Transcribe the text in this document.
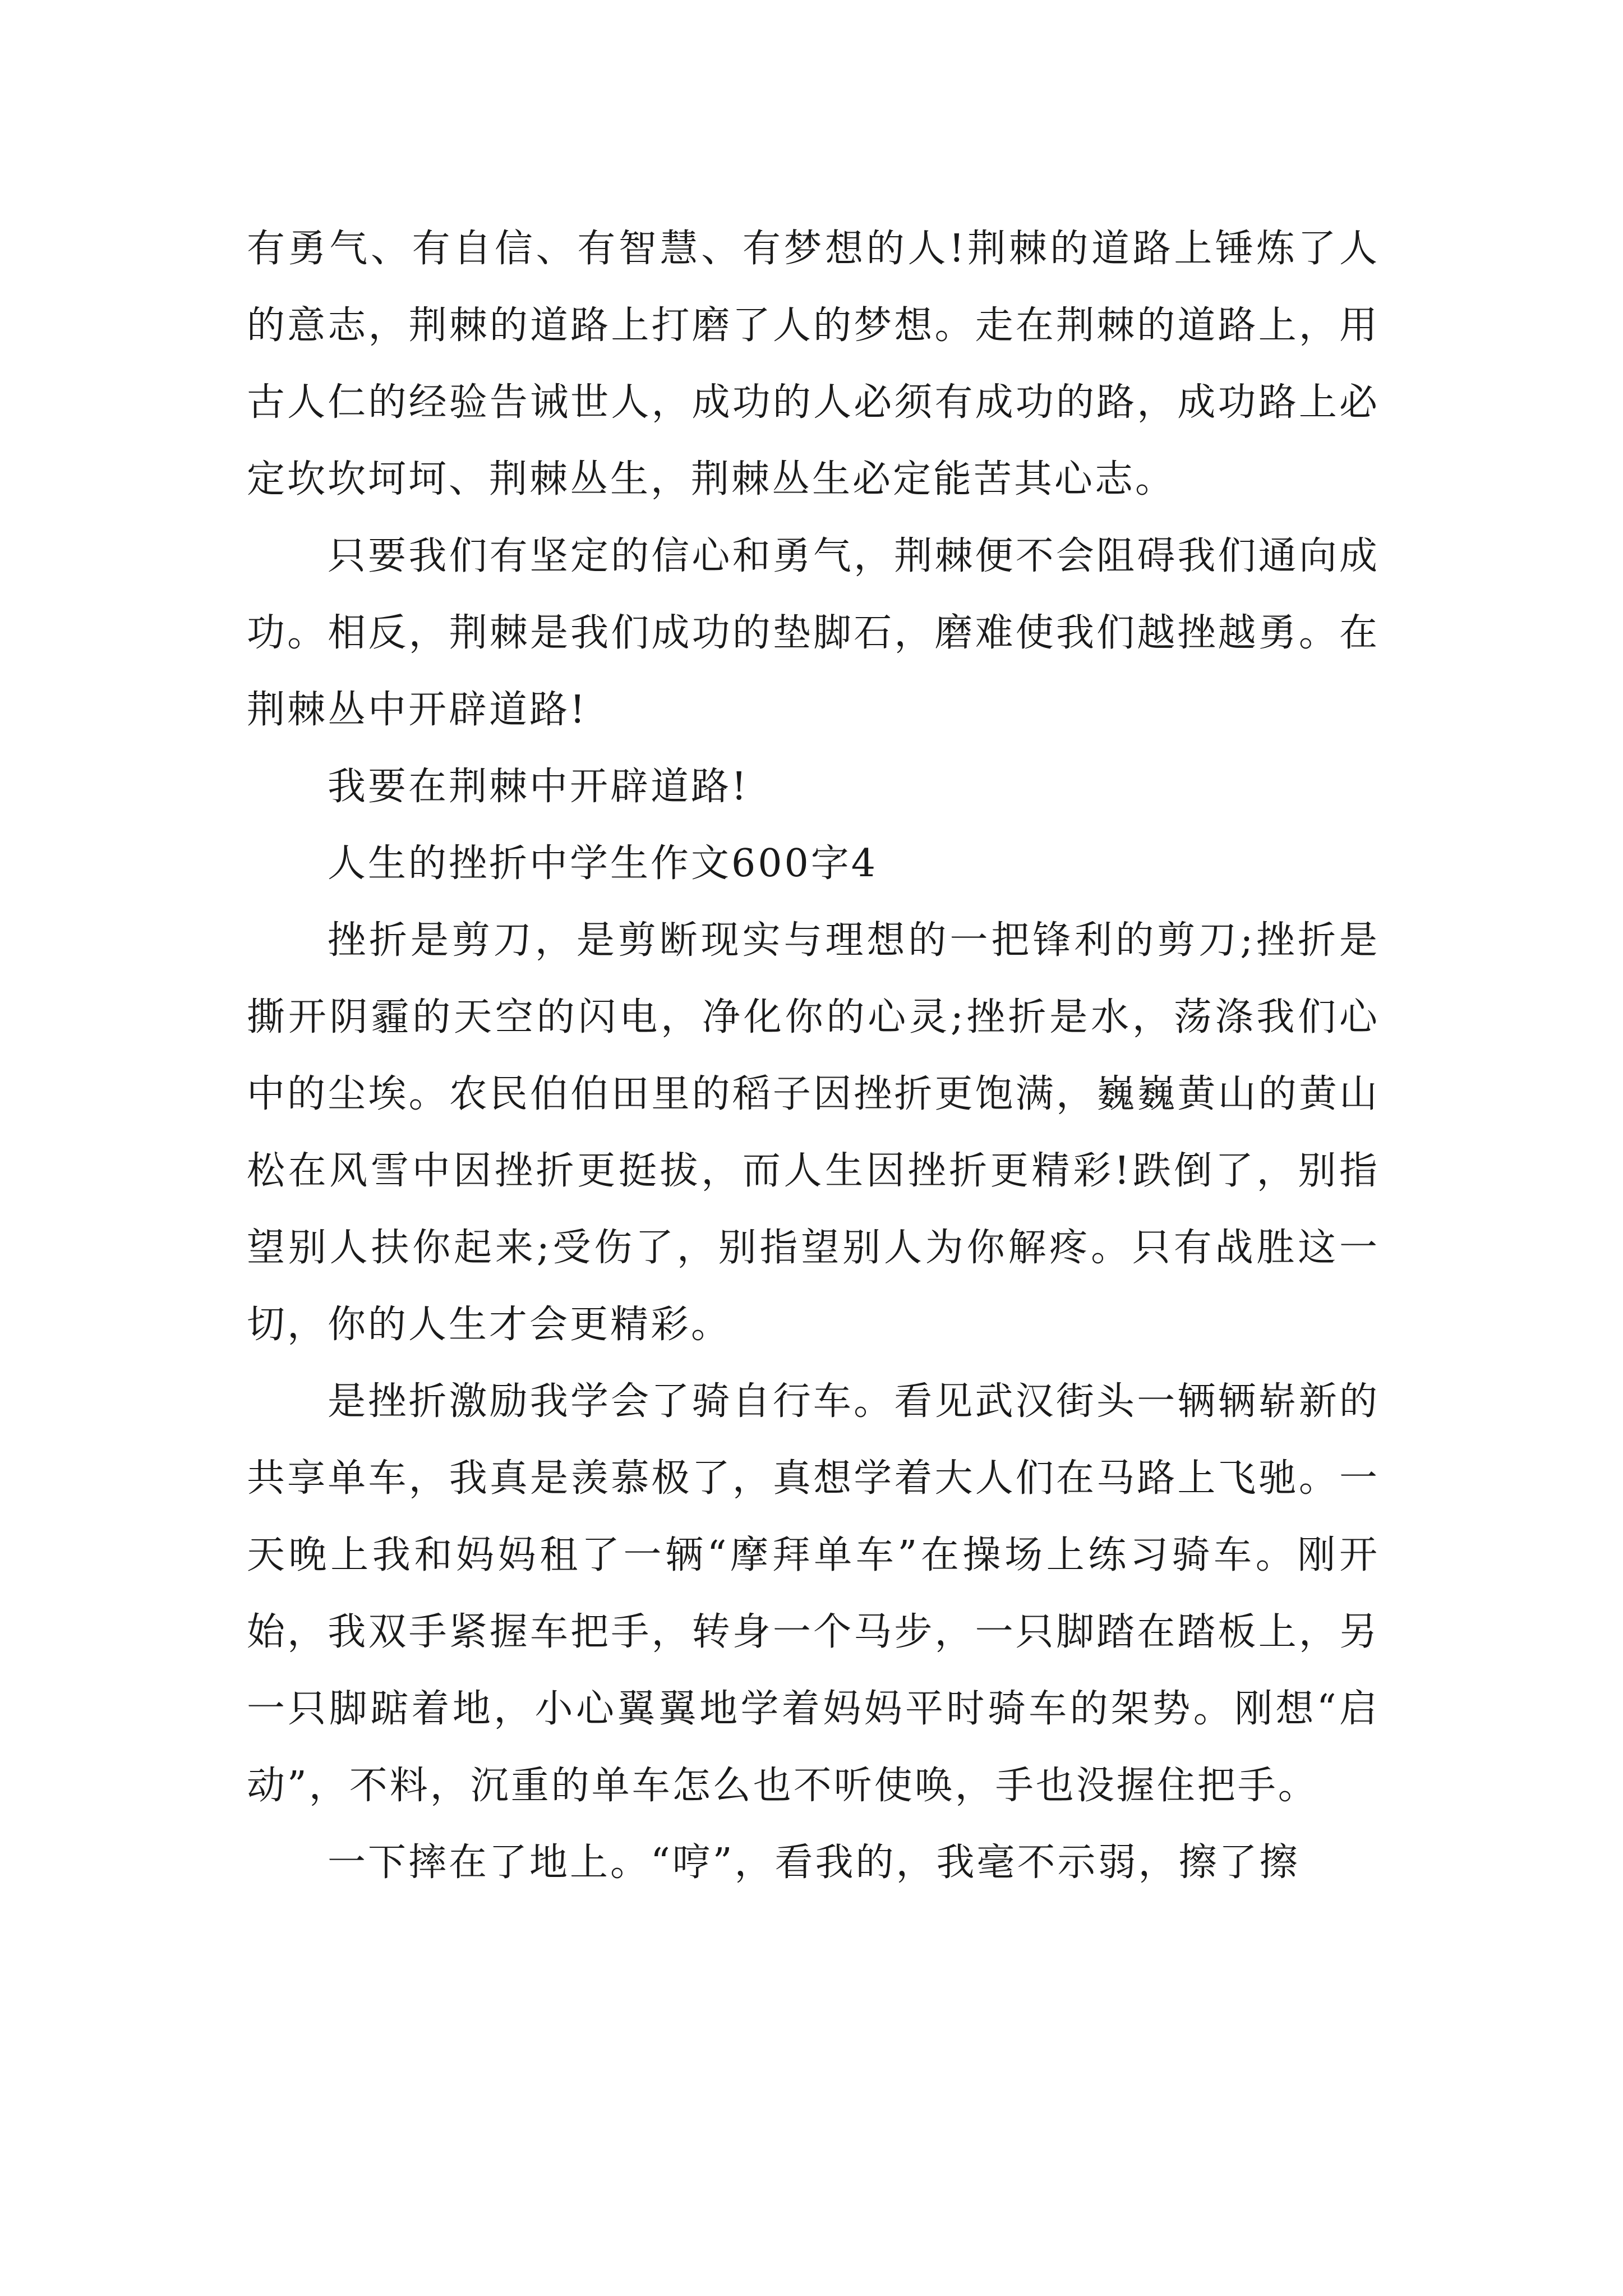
有勇气、有自信、有智慧、有梦想的人!荆棘的道路上锤炼了人的意志，荆棘的道路上打磨了人的梦想。走在荆棘的道路上，用古人仁的经验告诫世人，成功的人必须有成功的路，成功路上必定坎坎坷坷、荆棘丛生，荆棘丛生必定能苦其心志。

只要我们有坚定的信心和勇气，荆棘便不会阻碍我们通向成功。相反，荆棘是我们成功的垫脚石，磨难使我们越挫越勇。在荆棘丛中开辟道路!

我要在荆棘中开辟道路!

人生的挫折中学生作文600字4

挫折是剪刀，是剪断现实与理想的一把锋利的剪刀;挫折是撕开阴霾的天空的闪电，净化你的心灵;挫折是水，荡涤我们心中的尘埃。农民伯伯田里的稻子因挫折更饱满，巍巍黄山的黄山松在风雪中因挫折更挺拔，而人生因挫折更精彩!跌倒了，别指望别人扶你起来;受伤了，别指望别人为你解疼。只有战胜这一切，你的人生才会更精彩。

是挫折激励我学会了骑自行车。看见武汉街头一辆辆崭新的共享单车，我真是羡慕极了，真想学着大人们在马路上飞驰。一天晚上我和妈妈租了一辆“摩拜单车”在操场上练习骑车。刚开始，我双手紧握车把手，转身一个马步，一只脚踏在踏板上，另一只脚踮着地，小心翼翼地学着妈妈平时骑车的架势。刚想“启动”，不料，沉重的单车怎么也不听使唤，手也没握住把手。

一下摔在了地上。“哼”，看我的，我毫不示弱，擦了擦
